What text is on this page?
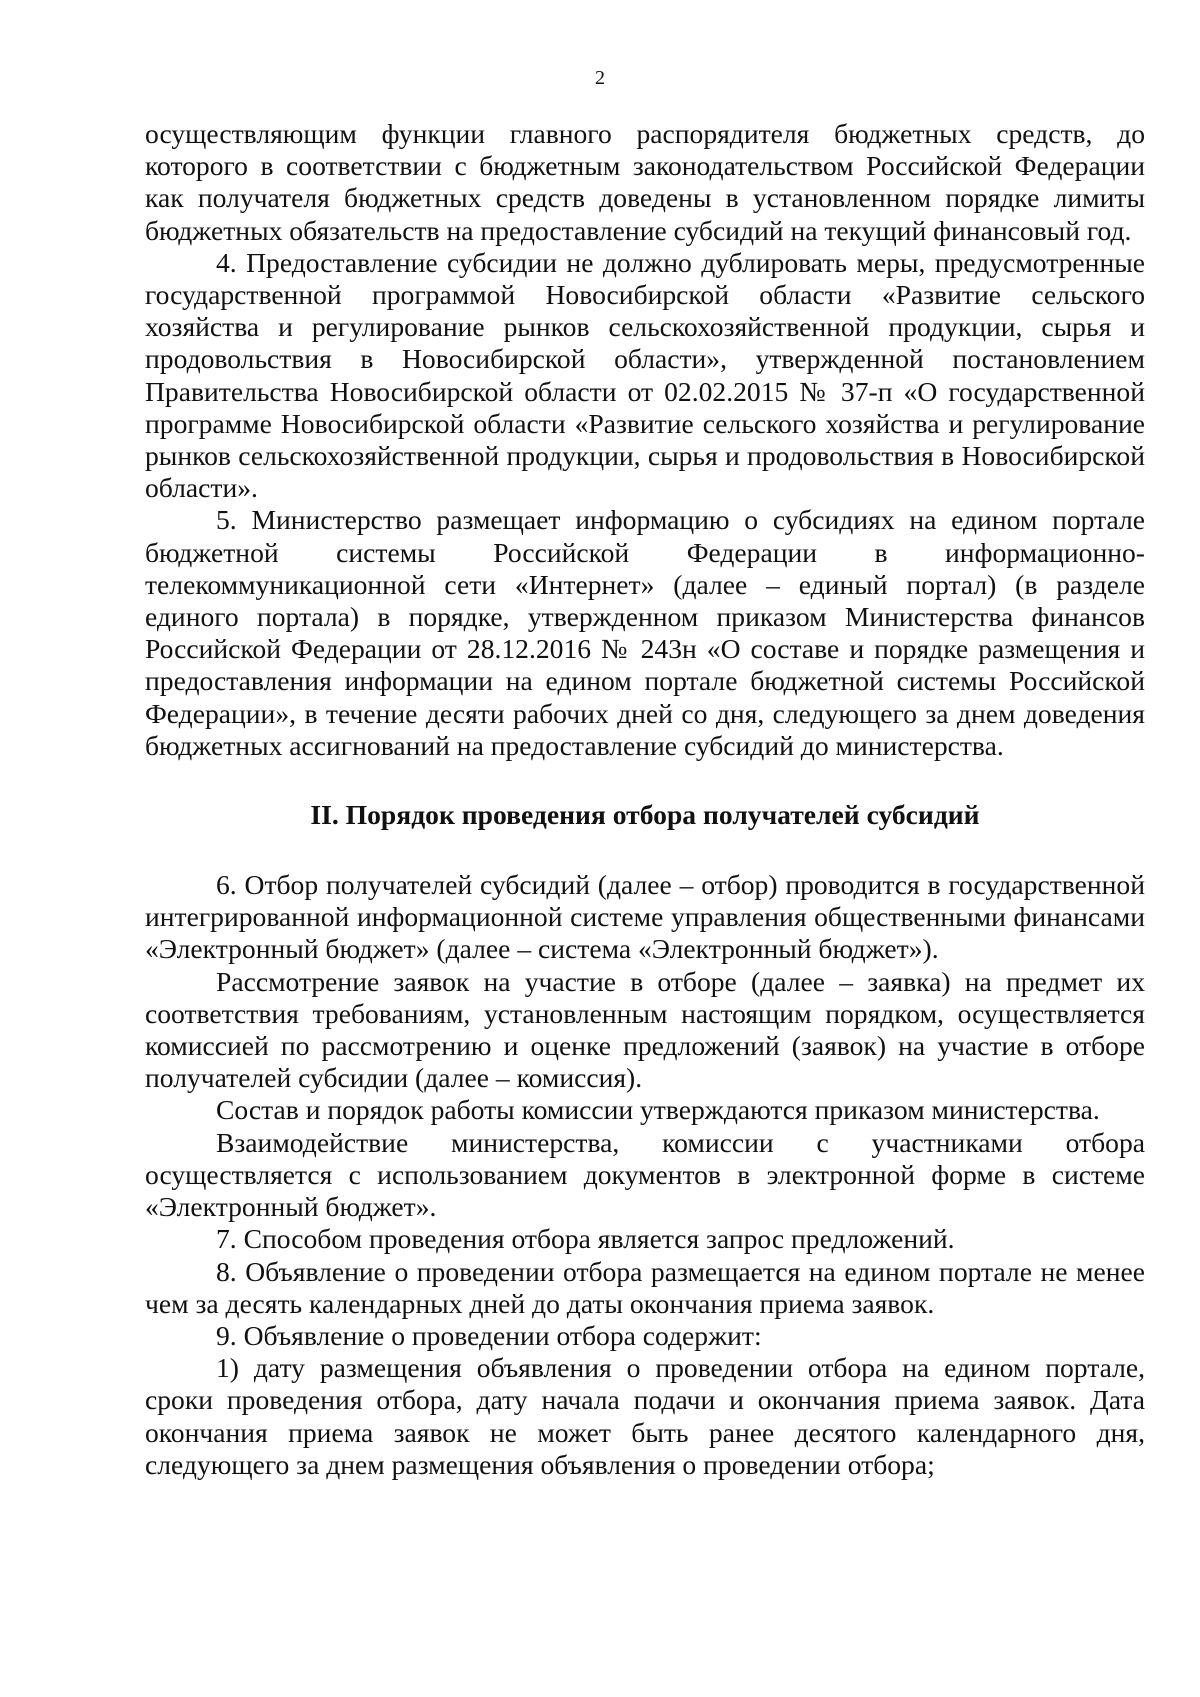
2

осуществляющим функции главного распорядителя бюджетных средств, до которого в соответствии с бюджетным законодательством Российской Федерации как получателя бюджетных средств доведены в установленном порядке лимиты бюджетных обязательств на предоставление субсидий на текущий финансовый год.

4. Предоставление субсидии не должно дублировать меры, предусмотренные государственной программой Новосибирской области «Развитие сельского хозяйства и регулирование рынков сельскохозяйственной продукции, сырья и продовольствия в Новосибирской области», утвержденной постановлением Правительства Новосибирской области от 02.02.2015 № 37-п «О государственной программе Новосибирской области «Развитие сельского хозяйства и регулирование рынков сельскохозяйственной продукции, сырья и продовольствия в Новосибирской области».

5. Министерство размещает информацию о субсидиях на едином портале бюджетной системы Российской Федерации в информационно-телекоммуникационной сети «Интернет» (далее – единый портал) (в разделе единого портала) в порядке, утвержденном приказом Министерства финансов Российской Федерации от 28.12.2016 № 243н «О составе и порядке размещения и предоставления информации на едином портале бюджетной системы Российской Федерации», в течение десяти рабочих дней со дня, следующего за днем доведения бюджетных ассигнований на предоставление субсидий до министерства.

II. Порядок проведения отбора получателей субсидий

6. Отбор получателей субсидий (далее – отбор) проводится в государственной интегрированной информационной системе управления общественными финансами «Электронный бюджет» (далее – система «Электронный бюджет»).

Рассмотрение заявок на участие в отборе (далее – заявка) на предмет их соответствия требованиям, установленным настоящим порядком, осуществляется комиссией по рассмотрению и оценке предложений (заявок) на участие в отборе получателей субсидии (далее – комиссия).

Состав и порядок работы комиссии утверждаются приказом министерства.

Взаимодействие министерства, комиссии с участниками отбора осуществляется с использованием документов в электронной форме в системе «Электронный бюджет».

7. Способом проведения отбора является запрос предложений.

8. Объявление о проведении отбора размещается на едином портале не менее чем за десять календарных дней до даты окончания приема заявок.

9. Объявление о проведении отбора содержит:

1) дату размещения объявления о проведении отбора на едином портале, сроки проведения отбора, дату начала подачи и окончания приема заявок. Дата окончания приема заявок не может быть ранее десятого календарного дня, следующего за днем размещения объявления о проведении отбора;
